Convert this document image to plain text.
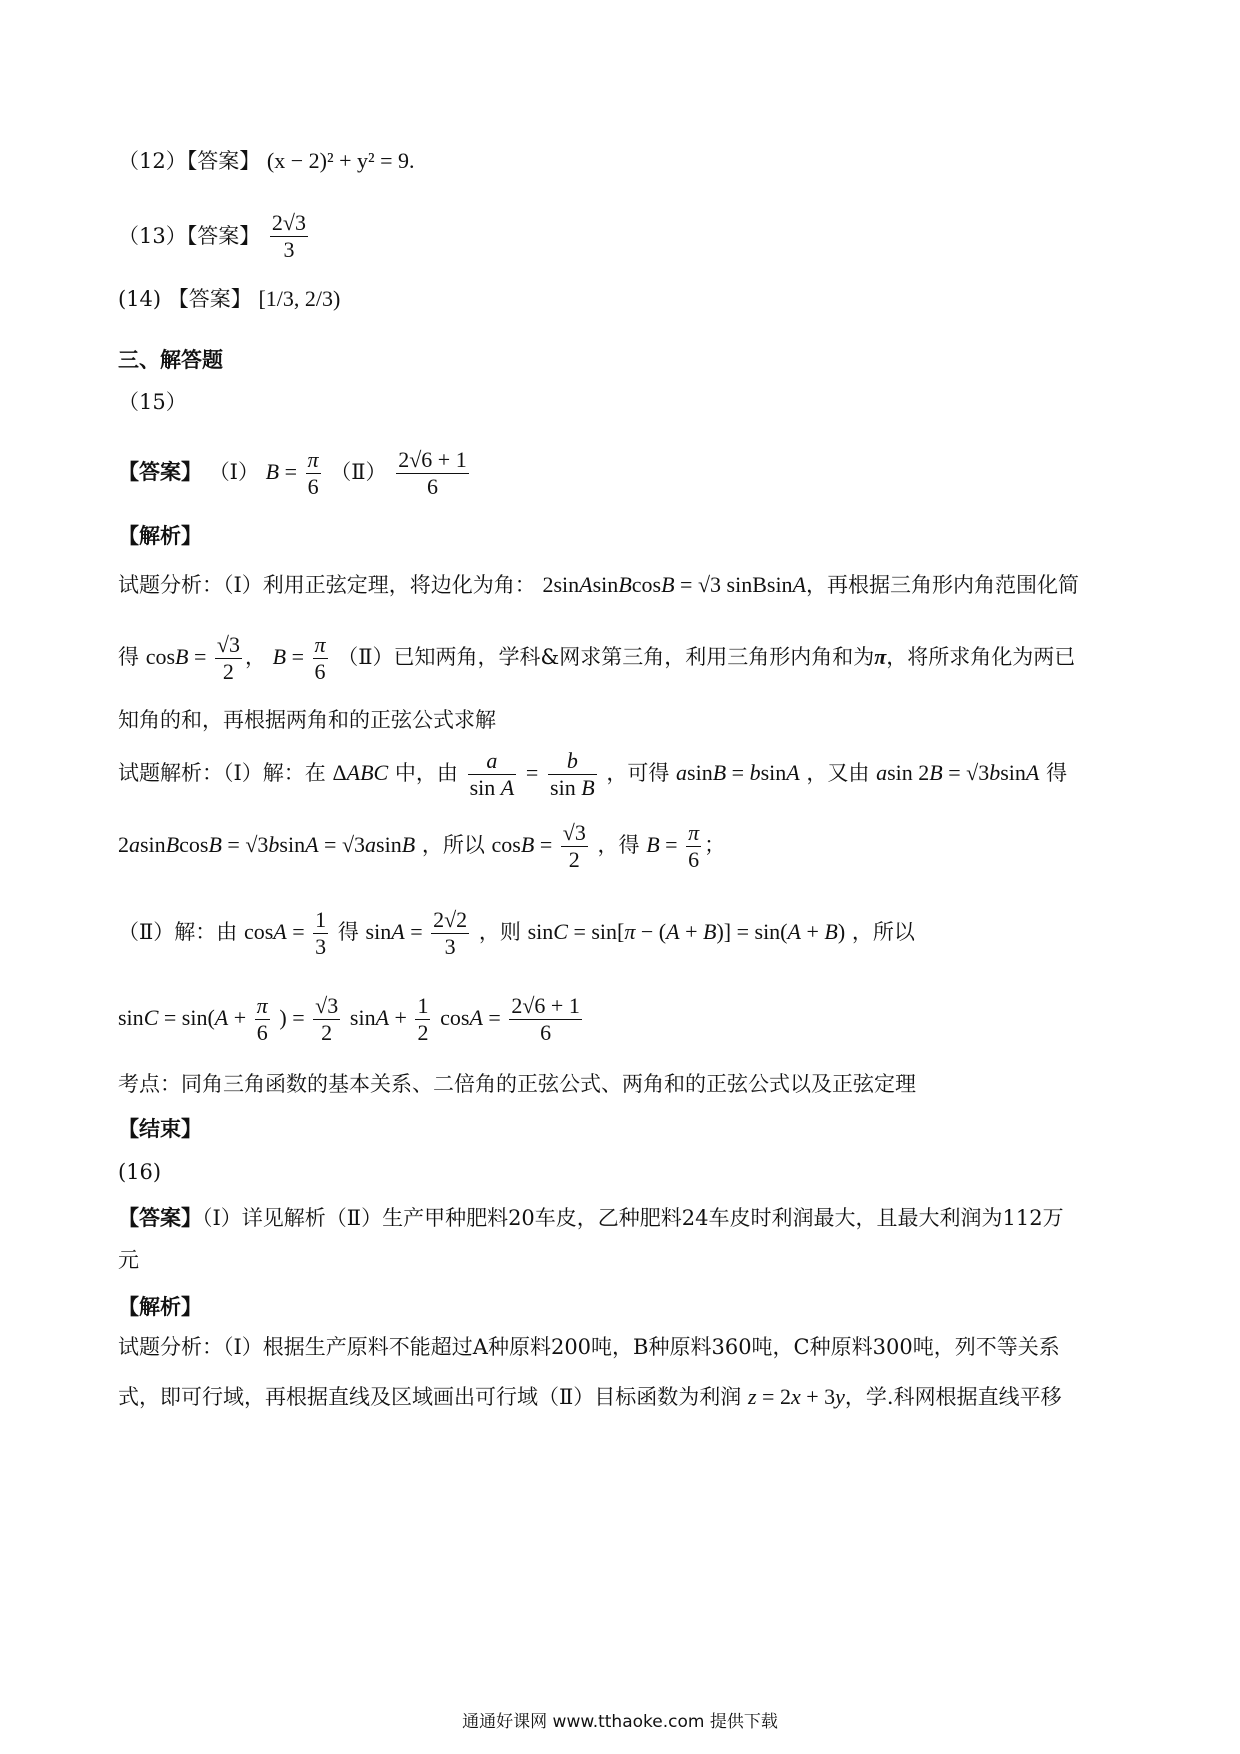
（12）【答案】 (x − 2)² + y² = 9.
（13）【答案】 $\frac{2√3}{3}$
(14) 【答案】 [1/3, 2/3)
三、解答题
（15）
【答案】 （Ⅰ） $B = \frac{\pi}{6}$ （Ⅱ） $\frac{2√6 + 1}{6}$
【解析】
试题分析：（Ⅰ）利用正弦定理，将边化为角： 2sinAsinBcosB = √3 sinBsinA，再根据三角形内角范围化简
得 $\cos B = \frac{√3}{2}$ ， $B = \frac{\pi}{6}$ （Ⅱ）已知两角，学科&网求第三角，利用三角形内角和为π，将所求角化为两已
知角的和，再根据两角和的正弦公式求解
试题解析：（Ⅰ）解：在 ΔABC 中，由 $\frac{a}{\text{sin A}} = \frac{b}{\text{sin B}}$ ，可得 asinB = bsinA ，又由 asin 2B = √3bsinA 得
2asinBcosB = √3bsinA = √3asinB ，所以 $\cos B = \frac{√3}{2}$ ，得 $B = \frac{\pi}{6}$ ；
（Ⅱ）解：由 $\cos A = \frac{1}{3}$ 得 $\sin A = \frac{2√2}{3}$ ，则 sinC = sin[π − (A + B)] = sin(A + B) ，所以
$\sin C = \sin(A + \frac{\pi}{6}$ ) = $\frac{√3}{2}$ $\sin A + \frac{1}{2}$ $\cos A = \frac{2√6 + 1}{6}$
考点：同角三角函数的基本关系、二倍角的正弦公式、两角和的正弦公式以及正弦定理
【结束】
(16)
【答案】（Ⅰ）详见解析（Ⅱ）生产甲种肥料20车皮，乙种肥料24车皮时利润最大，且最大利润为112万
元
【解析】
试题分析：（Ⅰ）根据生产原料不能超过A种原料200吨，B种原料360吨，C种原料300吨，列不等关系
式，即可行域，再根据直线及区域画出可行域（Ⅱ）目标函数为利润 z = 2x + 3y，学.科网根据直线平移
通通好课网 www.tthaoke.com 提供下载
